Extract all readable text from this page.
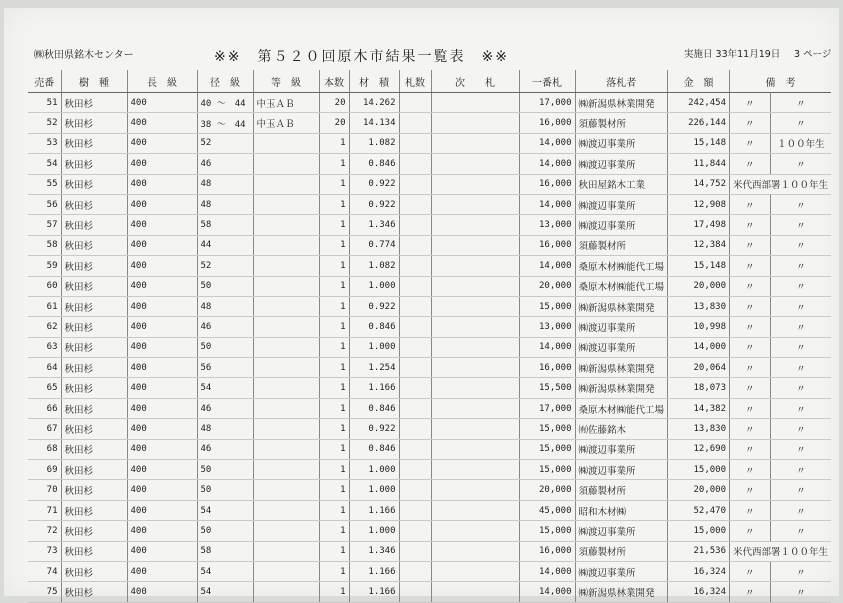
㈱秋田県銘木センター	※※　第５２０回原木市結果一覧表　※※	実施日 33年11月19日 3 ページ
売番	樹　種	長　級	径　級	等　級	本数	材　積	札数	次　　札	一番札	落札者	金　額	備　考	
51	秋田杉	400	40 ～　44	中玉ＡＢ	20	14.262			17,000	㈱新潟県林業開発	242,454	〃	〃
52	秋田杉	400	38 ～　44	中玉ＡＢ	20	14.134			16,000	須藤製材所	226,144	〃	〃
53	秋田杉	400	52		1	1.082			14,000	㈱渡辺事業所	15,148	〃	１００年生
54	秋田杉	400	46		1	0.846			14,000	㈱渡辺事業所	11,844	〃	〃
55	秋田杉	400	48		1	0.922			16,000	秋田屋銘木工業	14,752	米代西部署１００年生	
56	秋田杉	400	48		1	0.922			14,000	㈱渡辺事業所	12,908	〃	〃
57	秋田杉	400	58		1	1.346			13,000	㈱渡辺事業所	17,498	〃	〃
58	秋田杉	400	44		1	0.774			16,000	須藤製材所	12,384	〃	〃
59	秋田杉	400	52		1	1.082			14,000	桑原木材㈱能代工場	15,148	〃	〃
60	秋田杉	400	50		1	1.000			20,000	桑原木材㈱能代工場	20,000	〃	〃
61	秋田杉	400	48		1	0.922			15,000	㈱新潟県林業開発	13,830	〃	〃
62	秋田杉	400	46		1	0.846			13,000	㈱渡辺事業所	10,998	〃	〃
63	秋田杉	400	50		1	1.000			14,000	㈱渡辺事業所	14,000	〃	〃
64	秋田杉	400	56		1	1.254			16,000	㈱新潟県林業開発	20,064	〃	〃
65	秋田杉	400	54		1	1.166			15,500	㈱新潟県林業開発	18,073	〃	〃
66	秋田杉	400	46		1	0.846			17,000	桑原木材㈱能代工場	14,382	〃	〃
67	秋田杉	400	48		1	0.922			15,000	㈲佐藤銘木	13,830	〃	〃
68	秋田杉	400	46		1	0.846			15,000	㈱渡辺事業所	12,690	〃	〃
69	秋田杉	400	50		1	1.000			15,000	㈱渡辺事業所	15,000	〃	〃
70	秋田杉	400	50		1	1.000			20,000	須藤製材所	20,000	〃	〃
71	秋田杉	400	54		1	1.166			45,000	昭和木材㈱	52,470	〃	〃
72	秋田杉	400	50		1	1.000			15,000	㈱渡辺事業所	15,000	〃	〃
73	秋田杉	400	58		1	1.346			16,000	須藤製材所	21,536	米代西部署１００年生	
74	秋田杉	400	54		1	1.166			14,000	㈱渡辺事業所	16,324	〃	〃
75	秋田杉	400	54		1	1.166			14,000	㈱新潟県林業開発	16,324	〃	〃
